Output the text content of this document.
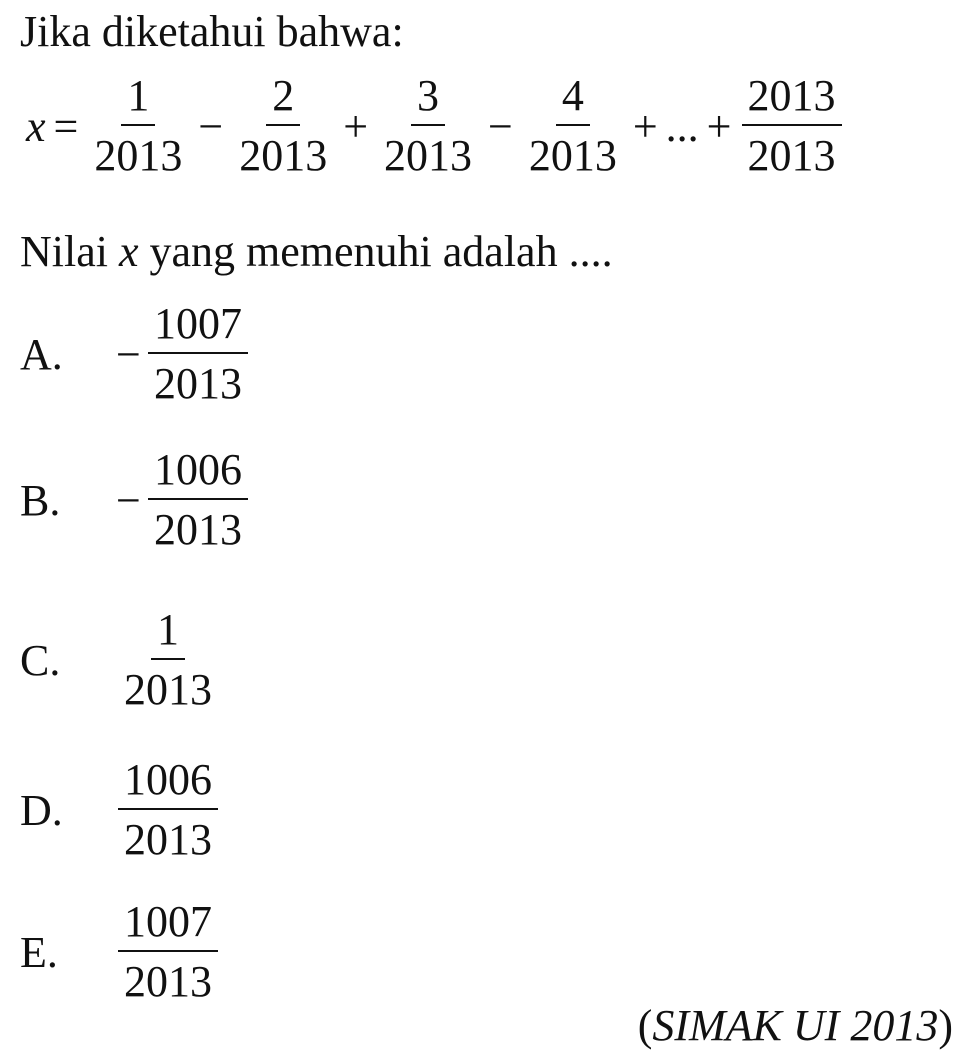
Jika diketahui bahwa:
$x = \frac{1}{2013} - \frac{2}{2013} + \frac{3}{2013} - \frac{4}{2013}$ + ... + $\frac{2013}{2013}$
Nilai x yang memenuhi adalah ....
A.	− $\frac{1007}{2013}$
B.	− $\frac{1006}{2013}$
C.	$\frac{1}{2013}$
D.	$\frac{1006}{2013}$
E.	$\frac{1007}{2013}$
(SIMAK UI 2013)
